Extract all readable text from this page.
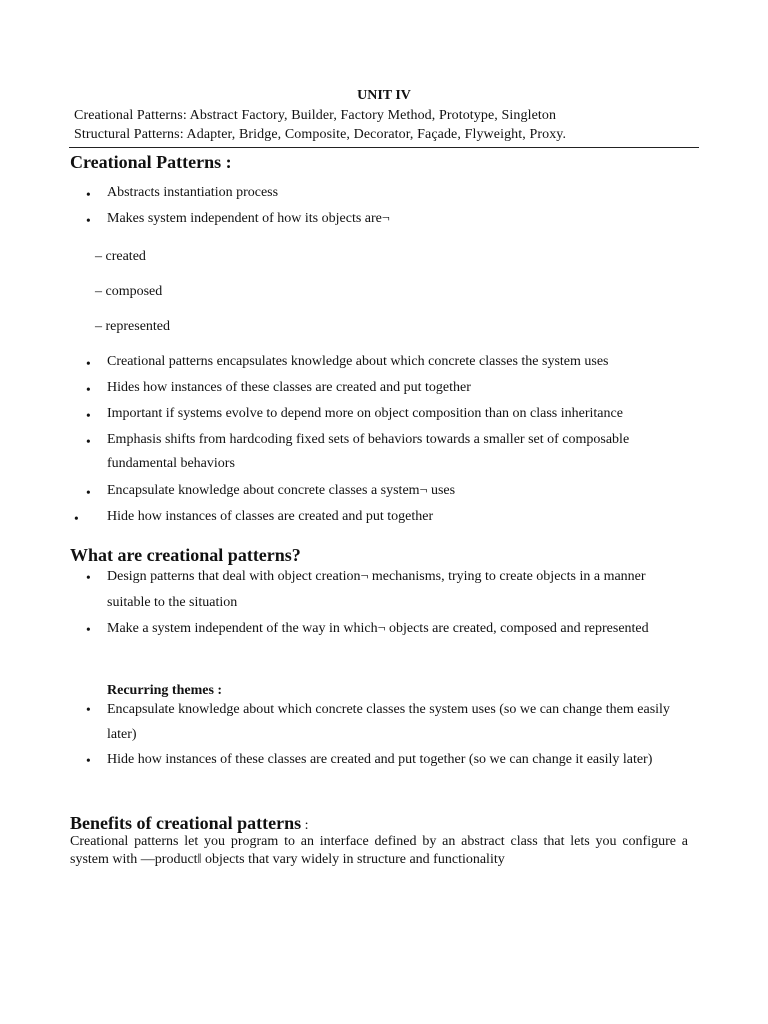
UNIT IV
Creational Patterns: Abstract Factory, Builder, Factory Method, Prototype, Singleton
Structural Patterns: Adapter, Bridge, Composite, Decorator, Façade, Flyweight, Proxy.
Creational Patterns :
• Abstracts instantiation process
• Makes system independent of how its objects are¬
– created
– composed
– represented
• Creational patterns encapsulates knowledge about which concrete classes the system uses
• Hides how instances of these classes are created and put together
• Important if systems evolve to depend more on object composition than on class inheritance
• Emphasis shifts from hardcoding fixed sets of behaviors towards a smaller set of composable fundamental behaviors
• Encapsulate knowledge about concrete classes a system¬ uses
• Hide how instances of classes are created and put together
What are creational patterns?
• Design patterns that deal with object creation¬ mechanisms, trying to create objects in a manner suitable to the situation
• Make a system independent of the way in which¬ objects are created, composed and represented
Recurring themes :
• Encapsulate knowledge about which concrete classes the system uses (so we can change them easily later)
• Hide how instances of these classes are created and put together (so we can change it easily later)
Benefits of creational patterns :
Creational patterns let you program to an interface defined by an abstract class that lets you configure a system with ―product‖ objects that vary widely in structure and functionality
